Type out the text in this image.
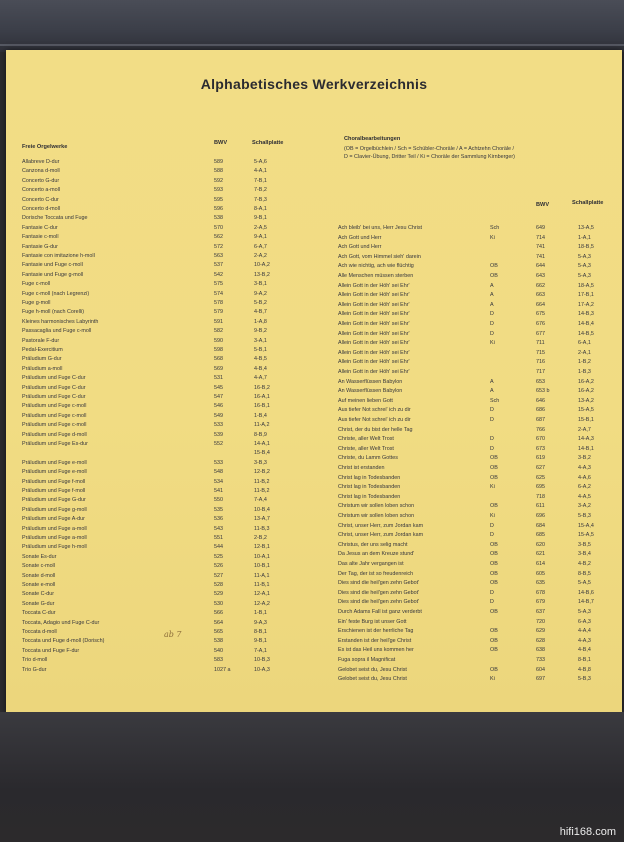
Alphabetisches Werkverzeichnis
Freie Orgelwerke
BWV	Schallplatte
Choralbearbeitungen
(OB = Orgelbüchlein / Sch = Schübler-Choräle / A = Achtzehn Choräle /
D = Clavier-Übung, Dritter Teil / Ki = Choräle der Sammlung Kirnberger)
BWV	Schallplatte
Allabreve D-dur	589	5-A,6
Canzona d-moll	588	4-A,1
Concerto G-dur	592	7-B,1
Concerto a-moll	593	7-B,2
Concerto C-dur	595	7-B,3
Concerto d-moll	596	8-A,1
Dorische Toccata und Fuge	538	9-B,1
Fantasie C-dur	570	2-A,5
Fantasie c-moll	562	9-A,1
Fantasie G-dur	572	6-A,7
Fantasie con imitazione h-moll	563	2-A,2
Fantasie und Fuge c-moll	537	10-A,2
Fantasie und Fuge g-moll	542	13-B,2
Fuge c-moll	575	3-B,1
Fuge c-moll (nach Legrenzi)	574	9-A,2
Fuge g-moll	578	5-B,2
Fuge h-moll (nach Corelli)	579	4-B,7
Kleines harmonisches Labyrinth	591	1-A,8
Passacaglia und Fuge c-moll	582	9-B,2
Pastorale F-dur	590	3-A,1
Pedal-Exercitium	598	5-B,1
Präludium G-dur	568	4-B,5
Präludium a-moll	569	4-B,4
Präludium und Fuge C-dur	531	4-A,7
Präludium und Fuge C-dur	545	16-B,2
Präludium und Fuge C-dur	547	16-A,1
Präludium und Fuge c-moll	546	16-B,1
Präludium und Fuge c-moll	549	1-B,4
Präludium und Fuge c-moll	533	11-A,2
Präludium und Fuge d-moll	539	8-B,9
Präludium und Fuge Es-dur	552	14-A,1
15-B,4
Präludium und Fuge e-moll	533	3-B,3
Präludium und Fuge e-moll	548	12-B,2
Präludium und Fuge f-moll	534	11-B,2
Präludium und Fuge f-moll	541	11-B,2
Präludium und Fuge G-dur	550	7-A,4
Präludium und Fuge g-moll	535	10-B,4
Präludium und Fuge A-dur	536	13-A,7
Präludium und Fuge a-moll	543	11-B,3
Präludium und Fuge a-moll	551	2-B,2
Präludium und Fuge h-moll	544	12-B,1
Sonate Es-dur	525	10-A,1
Sonate c-moll	526	10-B,1
Sonate d-moll	527	11-A,1
Sonate e-moll	528	11-B,1
Sonate C-dur	529	12-A,1
Sonate G-dur	530	12-A,2
Toccata C-dur	566	1-B,1
Toccata, Adagio und Fuge C-dur	564	9-A,3
Toccata d-moll	565	8-B,1
Toccata und Fuge d-moll (Dorisch)	538	9-B,1
Toccata und Fuge F-dur	540	7-A,1
Trio d-moll	583	10-B,3
Trio G-dur	1027 a	10-A,3
Ach bleib' bei uns, Herr Jesu Christ	Sch	649	13-A,5
Ach Gott und Herr	Ki	714	1-A,1
Ach Gott und Herr	741	18-B,5
Ach Gott, vom Himmel sieh' darein	741	5-A,3
Ach wie nichtig, ach wie flüchtig	OB	644	5-A,3
Alle Menschen müssen sterben	OB	643	5-A,3
Allein Gott in der Höh' sei Ehr'	A	662	18-A,5
Allein Gott in der Höh' sei Ehr'	A	663	17-B,1
Allein Gott in der Höh' sei Ehr'	A	664	17-A,2
Allein Gott in der Höh' sei Ehr'	D	675	14-B,3
Allein Gott in der Höh' sei Ehr'	D	676	14-B,4
Allein Gott in der Höh' sei Ehr'	D	677	14-B,5
Allein Gott in der Höh' sei Ehr'	Ki	711	6-A,1
Allein Gott in der Höh' sei Ehr'	715	2-A,1
Allein Gott in der Höh' sei Ehr'	716	1-B,2
Allein Gott in der Höh' sei Ehr'	717	1-B,3
An Wasserflüssen Babylon	A	653	16-A,2
An Wasserflüssen Babylon	A	653 b	16-A,2
Auf meinen lieben Gott	Sch	646	13-A,2
Aus tiefer Not schrei' ich zu dir	D	686	15-A,5
Aus tiefer Not schrei' ich zu dir	D	687	15-B,1
Christ, der du bist der helle Tag	766	2-A,7
Christe, aller Welt Trost	D	670	14-A,3
Christe, aller Welt Trost	D	673	14-B,1
Christe, du Lamm Gottes	OB	619	3-B,2
Christ ist erstanden	OB	627	4-A,3
Christ lag in Todesbanden	OB	625	4-A,6
Christ lag in Todesbanden	Ki	695	6-A,2
Christ lag in Todesbanden	718	4-A,5
Christum wir sollen loben schon	OB	611	3-A,2
Christum wir sollen loben schon	Ki	696	5-B,3
Christ, unser Herr, zum Jordan kam	D	684	15-A,4
Christ, unser Herr, zum Jordan kam	D	685	15-A,5
Christus, der uns selig macht	OB	620	3-B,5
Da Jesus an dem Kreuze stund'	OB	621	3-B,4
Das alte Jahr vergangen ist	OB	614	4-B,2
Der Tag, der ist so freudenreich	OB	605	8-B,5
Dies sind die heil'gen zehn Gebot'	OB	635	5-A,5
Dies sind die heil'gen zehn Gebot'	D	678	14-B,6
Dies sind die heil'gen zehn Gebot'	D	679	14-B,7
Durch Adams Fall ist ganz verderbt	OB	637	5-A,3
Ein' feste Burg ist unser Gott	720	6-A,3
Erschienen ist der herrliche Tag	OB	629	4-A,4
Erstanden ist der heil'ge Christ	OB	628	4-A,3
Es ist das Heil uns kommen her	OB	638	4-B,4
Fuga sopra il Magnificat	733	8-B,1
Gelobet seist du, Jesu Christ	OB	604	4-B,8
Gelobet seist du, Jesu Christ	Ki	697	5-B,3
ab 7
hifi168.com
